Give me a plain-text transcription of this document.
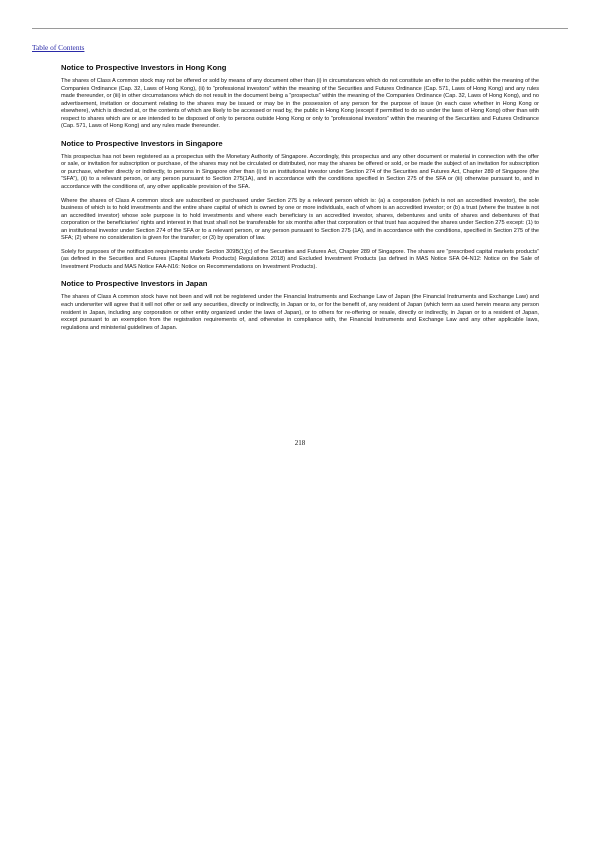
Table of Contents
Notice to Prospective Investors in Hong Kong

The shares of Class A common stock may not be offered or sold by means of any document other than (i) in circumstances which do not constitute an offer to the public within the meaning of the Companies Ordinance (Cap. 32, Laws of Hong Kong), (ii) to “professional investors” within the meaning of the Securities and Futures Ordinance (Cap. 571, Laws of Hong Kong) and any rules made thereunder, or (iii) in other circumstances which do not result in the document being a “prospectus” within the meaning of the Companies Ordinance (Cap. 32, Laws of Hong Kong), and no advertisement, invitation or document relating to the shares may be issued or may be in the possession of any person for the purpose of issue (in each case whether in Hong Kong or elsewhere), which is directed at, or the contents of which are likely to be accessed or read by, the public in Hong Kong (except if permitted to do so under the laws of Hong Kong) other than with respect to shares which are or are intended to be disposed of only to persons outside Hong Kong or only to “professional investors” within the meaning of the Securities and Futures Ordinance (Cap. 571, Laws of Hong Kong) and any rules made thereunder.

Notice to Prospective Investors in Singapore

This prospectus has not been registered as a prospectus with the Monetary Authority of Singapore. Accordingly, this prospectus and any other document or material in connection with the offer or sale, or invitation for subscription or purchase, of the shares may not be circulated or distributed, nor may the shares be offered or sold, or be made the subject of an invitation for subscription or purchase, whether directly or indirectly, to persons in Singapore other than (i) to an institutional investor under Section 274 of the Securities and Futures Act, Chapter 289 of Singapore (the “SFA”), (ii) to a relevant person, or any person pursuant to Section 275(1A), and in accordance with the conditions specified in Section 275 of the SFA or (iii) otherwise pursuant to, and in accordance with the conditions of, any other applicable provision of the SFA.

Where the shares of Class A common stock are subscribed or purchased under Section 275 by a relevant person which is: (a) a corporation (which is not an accredited investor), the sole business of which is to hold investments and the entire share capital of which is owned by one or more individuals, each of whom is an accredited investor; or (b) a trust (where the trustee is not an accredited investor) whose sole purpose is to hold investments and where each beneficiary is an accredited investor, shares, debentures and units of shares and debentures of that corporation or the beneficiaries’ rights and interest in that trust shall not be transferable for six months after that corporation or that trust has acquired the shares under Section 275 except: (1) to an institutional investor under Section 274 of the SFA or to a relevant person, or any person pursuant to Section 275 (1A), and in accordance with the conditions, specified in Section 275 of the SFA; (2) where no consideration is given for the transfer; or (3) by operation of law.

Solely for purposes of the notification requirements under Section 309B(1)(c) of the Securities and Futures Act, Chapter 289 of Singapore. The shares are “prescribed capital markets products” (as defined in the Securities and Futures (Capital Markets Products) Regulations 2018) and Excluded Investment Products (as defined in MAS Notice SFA 04-N12: Notice on the Sale of Investment Products and MAS Notice FAA-N16: Notice on Recommendations on Investment Products).

Notice to Prospective Investors in Japan

The shares of Class A common stock have not been and will not be registered under the Financial Instruments and Exchange Law of Japan (the Financial Instruments and Exchange Law) and each underwriter will agree that it will not offer or sell any securities, directly or indirectly, in Japan or to, or for the benefit of, any resident of Japan (which term as used herein means any person resident in Japan, including any corporation or other entity organized under the laws of Japan), or to others for re-offering or resale, directly or indirectly, in Japan or to a resident of Japan, except pursuant to an exemption from the registration requirements of, and otherwise in compliance with, the Financial Instruments and Exchange Law and any other applicable laws, regulations and ministerial guidelines of Japan.

218
